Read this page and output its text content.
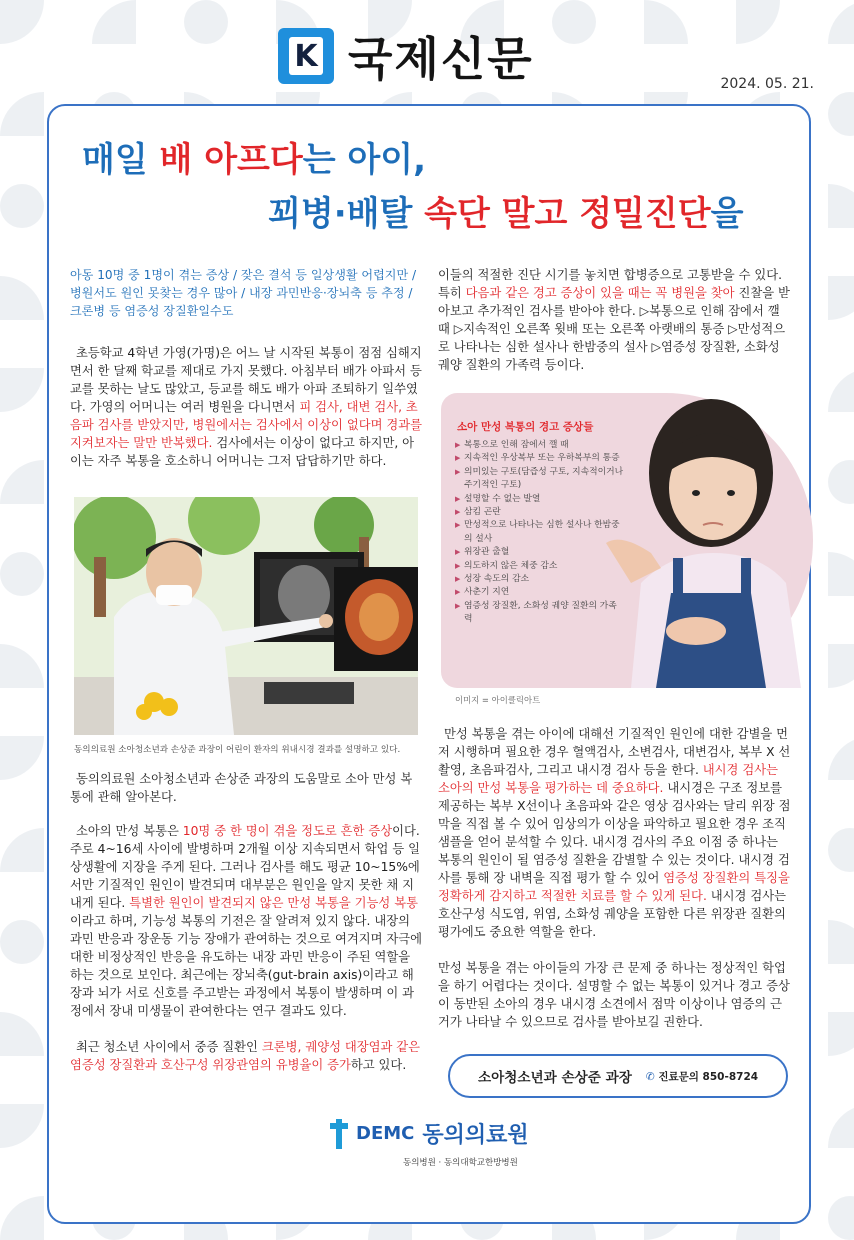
K 국제신문	2024. 05. 21.
매일 배 아프다는 아이,
꾀병·배탈 속단 말고 정밀진단을

아동 10명 중 1명이 겪는 증상 / 잦은 결석 등 일상생활 어렵지만 / 병원서도 원인 못찾는 경우 많아 / 내장 과민반응·장뇌축 등 추정 / 크론병 등 염증성 장질환일수도

초등학교 4학년 가영(가명)은 어느 날 시작된 복통이 점점 심해지면서 한 달째 학교를 제대로 가지 못했다. 아침부터 배가 아파서 등교를 못하는 날도 많았고, 등교를 해도 배가 아파 조퇴하기 일쑤였다. 가영의 어머니는 여러 병원을 다니면서 피 검사, 대변 검사, 초음파 검사를 받았지만, 병원에서는 검사에서 이상이 없다며 경과를 지켜보자는 말만 반복했다. 검사에서는 이상이 없다고 하지만, 아이는 자주 복통을 호소하니 어머니는 그저 답답하기만 하다.

동의의료원 소아청소년과 손상준 과장이 어린이 환자의 위내시경 결과를 설명하고 있다.

동의의료원 소아청소년과 손상준 과장의 도움말로 소아 만성 복통에 관해 알아본다.

소아의 만성 복통은 10명 중 한 명이 겪을 정도로 흔한 증상이다. 주로 4~16세 사이에 발병하며 2개월 이상 지속되면서 학업 등 일상생활에 지장을 주게 된다. 그러나 검사를 해도 평균 10~15%에서만 기질적인 원인이 발견되며 대부분은 원인을 알지 못한 채 지내게 된다. 특별한 원인이 발견되지 않은 만성 복통을 기능성 복통이라고 하며, 기능성 복통의 기전은 잘 알려져 있지 않다. 내장의 과민 반응과 장운동 기능 장애가 관여하는 것으로 여겨지며 자극에 대한 비정상적인 반응을 유도하는 내장 과민 반응이 주된 역할을 하는 것으로 보인다. 최근에는 장뇌축(gut-brain axis)이라고 해 장과 뇌가 서로 신호를 주고받는 과정에서 복통이 발생하며 이 과정에서 장내 미생물이 관여한다는 연구 결과도 있다.

최근 청소년 사이에서 중증 질환인 크론병, 궤양성 대장염과 같은 염증성 장질환과 호산구성 위장관염의 유병율이 증가하고 있다.

이들의 적절한 진단 시기를 놓치면 합병증으로 고통받을 수 있다. 특히 다음과 같은 경고 증상이 있을 때는 꼭 병원을 찾아 진찰을 받아보고 추가적인 검사를 받아야 한다. ▷복통으로 인해 잠에서 깰 때 ▷지속적인 오른쪽 윗배 또는 오른쪽 아랫배의 통증 ▷만성적으로 나타나는 심한 설사나 한밤중의 설사 ▷염증성 장질환, 소화성 궤양 질환의 가족력 등이다.

소아 만성 복통의 경고 증상들
▶ 복통으로 인해 잠에서 깰 때
▶ 지속적인 우상복부 또는 우하복부의 통증
▶ 의미있는 구토(담즙성 구토, 지속적이거나 주기적인 구토)
▶ 설명할 수 없는 발열
▶ 삼킴 곤란
▶ 만성적으로 나타나는 심한 설사나 한밤중의 설사
▶ 위장관 출혈
▶ 의도하지 않은 체중 감소
▶ 성장 속도의 감소
▶ 사춘기 지연
▶ 염증성 장질환, 소화성 궤양 질환의 가족력
이미지 = 아이클릭아트

만성 복통을 겪는 아이에 대해선 기질적인 원인에 대한 감별을 먼저 시행하며 필요한 경우 혈액검사, 소변검사, 대변검사, 복부 X 선 촬영, 초음파검사, 그리고 내시경 검사 등을 한다. 내시경 검사는 소아의 만성 복통을 평가하는 데 중요하다. 내시경은 구조 정보를 제공하는 복부 X선이나 초음파와 같은 영상 검사와는 달리 위장 점막을 직접 볼 수 있어 임상의가 이상을 파악하고 필요한 경우 조직 샘플을 얻어 분석할 수 있다. 내시경 검사의 주요 이점 중 하나는 복통의 원인이 될 염증성 질환을 감별할 수 있는 것이다. 내시경 검사를 통해 장 내벽을 직접 평가 할 수 있어 염증성 장질환의 특징을 정확하게 감지하고 적절한 치료를 할 수 있게 된다. 내시경 검사는 호산구성 식도염, 위염, 소화성 궤양을 포함한 다른 위장관 질환의 평가에도 중요한 역할을 한다.

만성 복통을 겪는 아이들의 가장 큰 문제 중 하나는 정상적인 학업을 하기 어렵다는 것이다. 설명할 수 없는 복통이 있거나 경고 증상이 동반된 소아의 경우 내시경 소견에서 점막 이상이나 염증의 근거가 나타날 수 있으므로 검사를 받아보길 권한다.

소아청소년과 손상준 과장 ✆ 진료문의 850-8724
DEMC 동의의료원
동의병원 · 동의대학교한방병원
